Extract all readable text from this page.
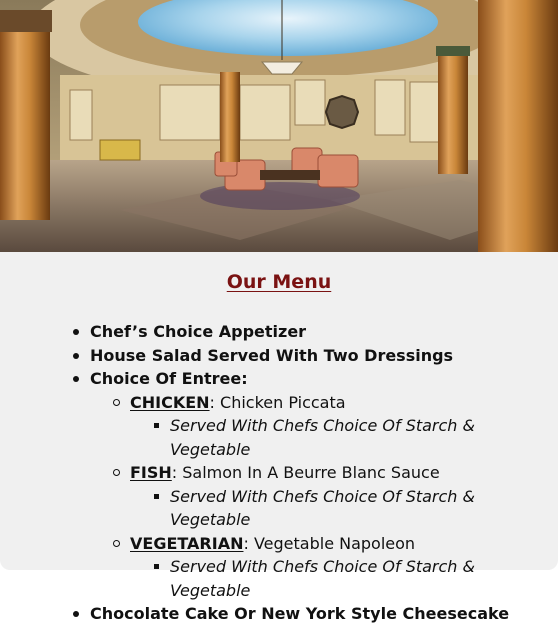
Our Menu
Chef’s Choice Appetizer
House Salad Served With Two Dressings
Choice Of Entree:
CHICKEN: Chicken Piccata
Served With Chefs Choice Of Starch & Vegetable
FISH: Salmon In A Beurre Blanc Sauce
Served With Chefs Choice Of Starch & Vegetable
VEGETARIAN: Vegetable Napoleon
Served With Chefs Choice Of Starch & Vegetable
Chocolate Cake Or New York Style Cheesecake
